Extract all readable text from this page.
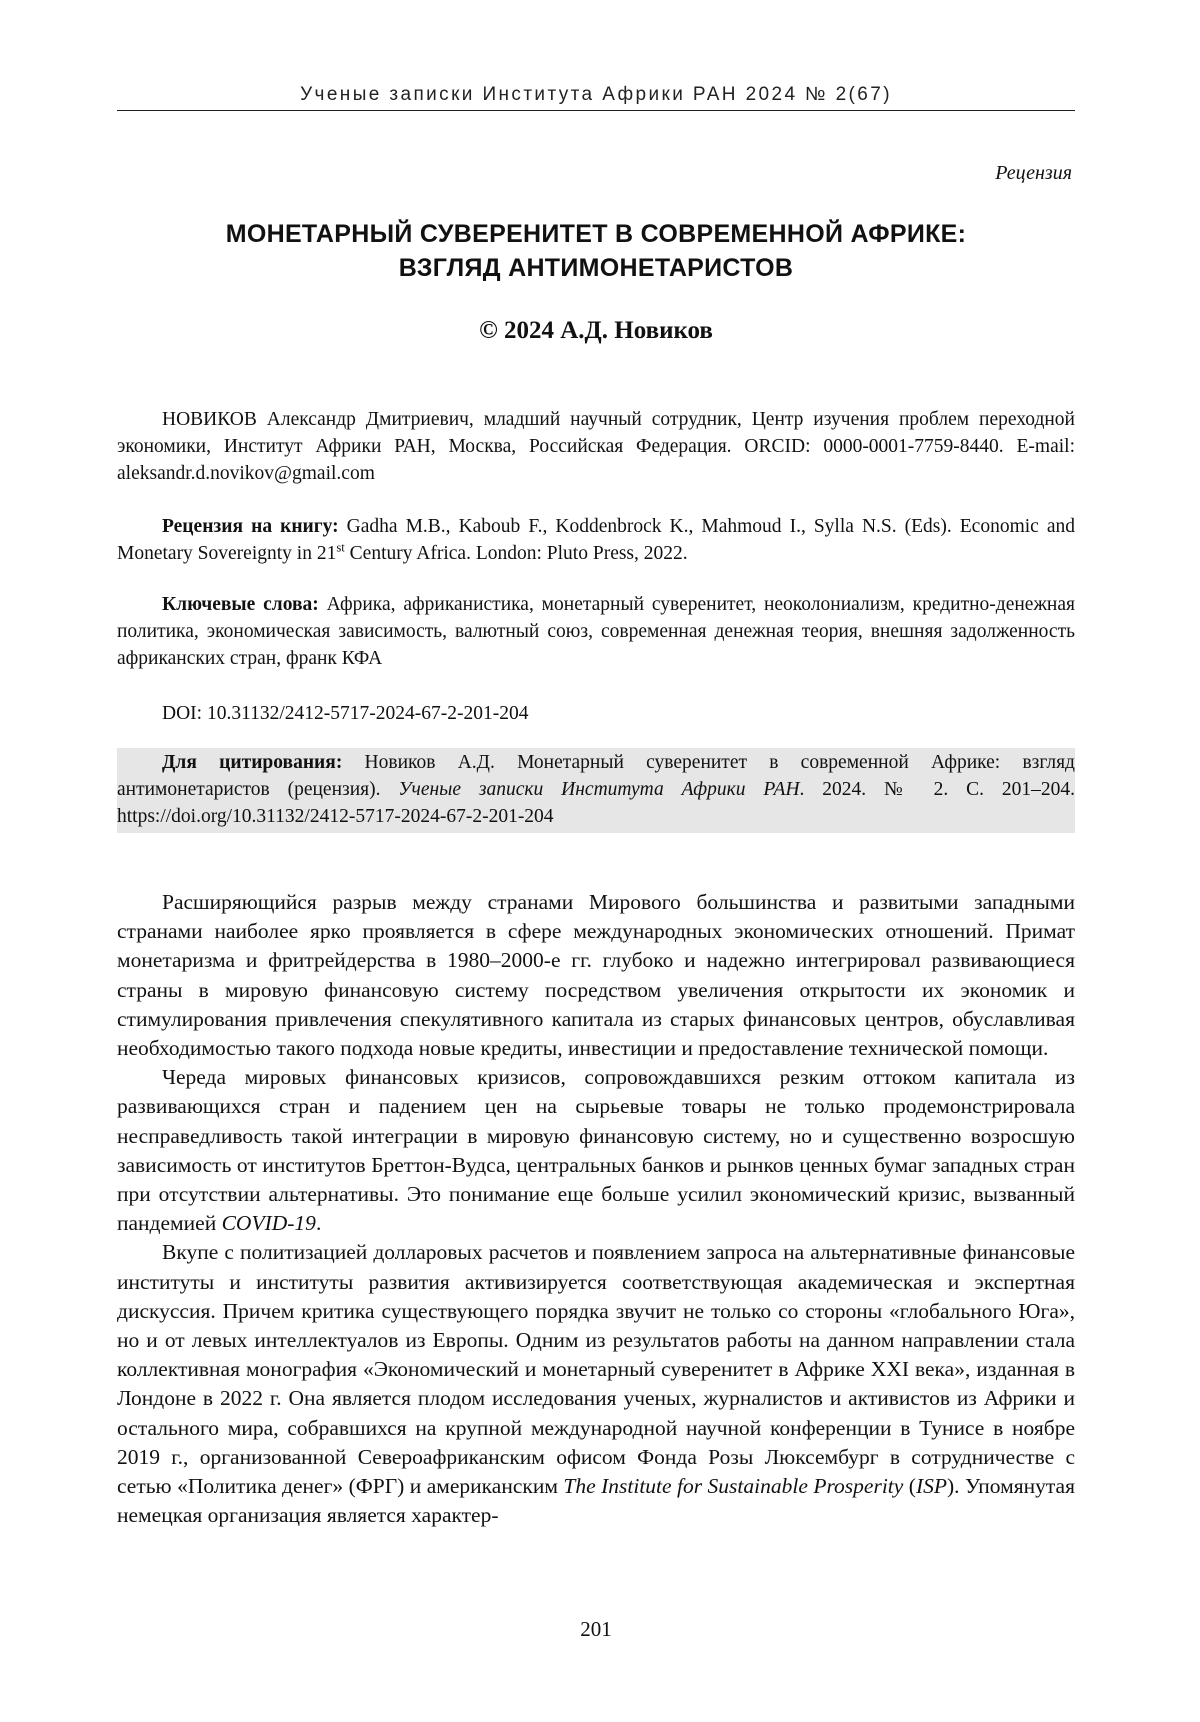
Ученые записки Института Африки РАН 2024 № 2(67)
Рецензия
МОНЕТАРНЫЙ СУВЕРЕНИТЕТ В СОВРЕМЕННОЙ АФРИКЕ:
ВЗГЛЯД АНТИМОНЕТАРИСТОВ
© 2024 А.Д. Новиков
НОВИКОВ Александр Дмитриевич, младший научный сотрудник, Центр изучения проблем переходной экономики, Институт Африки РАН, Москва, Российская Федерация. ORCID: 0000-0001-7759-8440. E-mail: aleksandr.d.novikov@gmail.com
Рецензия на книгу: Gadha M.B., Kaboub F., Koddenbrock K., Mahmoud I., Sylla N.S. (Eds). Economic and Monetary Sovereignty in 21st Century Africa. London: Pluto Press, 2022.
Ключевые слова: Африка, африканистика, монетарный суверенитет, неоколониализм, кредитно-денежная политика, экономическая зависимость, валютный союз, современная денежная теория, внешняя задолженность африканских стран, франк КФА
DOI: 10.31132/2412-5717-2024-67-2-201-204
Для цитирования: Новиков А.Д. Монетарный суверенитет в современной Африке: взгляд антимонетаристов (рецензия). Ученые записки Института Африки РАН. 2024. № 2. С. 201–204. https://doi.org/10.31132/2412-5717-2024-67-2-201-204

Расширяющийся разрыв между странами Мирового большинства и развитыми западными странами наиболее ярко проявляется в сфере международных экономических отношений. Примат монетаризма и фритрейдерства в 1980–2000-е гг. глубоко и надежно интегрировал развивающиеся страны в мировую финансовую систему посредством увеличения открытости их экономик и стимулирования привлечения спекулятивного капитала из старых финансовых центров, обуславливая необходимостью такого подхода новые кредиты, инвестиции и предоставление технической помощи.

Череда мировых финансовых кризисов, сопровождавшихся резким оттоком капитала из развивающихся стран и падением цен на сырьевые товары не только продемонстрировала несправедливость такой интеграции в мировую финансовую систему, но и существенно возросшую зависимость от институтов Бреттон-Вудса, центральных банков и рынков ценных бумаг западных стран при отсутствии альтернативы. Это понимание еще больше усилил экономический кризис, вызванный пандемией COVID-19.

Вкупе с политизацией долларовых расчетов и появлением запроса на альтернативные финансовые институты и институты развития активизируется соответствующая академическая и экспертная дискуссия. Причем критика существующего порядка звучит не только со стороны «глобального Юга», но и от левых интеллектуалов из Европы. Одним из результатов работы на данном направлении стала коллективная монография «Экономический и монетарный суверенитет в Африке XXI века», изданная в Лондоне в 2022 г. Она является плодом исследования ученых, журналистов и активистов из Африки и остального мира, собравшихся на крупной международной научной конференции в Тунисе в ноябре 2019 г., организованной Североафриканским офисом Фонда Розы Люксембург в сотрудничестве с сетью «Политика денег» (ФРГ) и американским The Institute for Sustainable Prosperity (ISP). Упомянутая немецкая организация является характер-

201
